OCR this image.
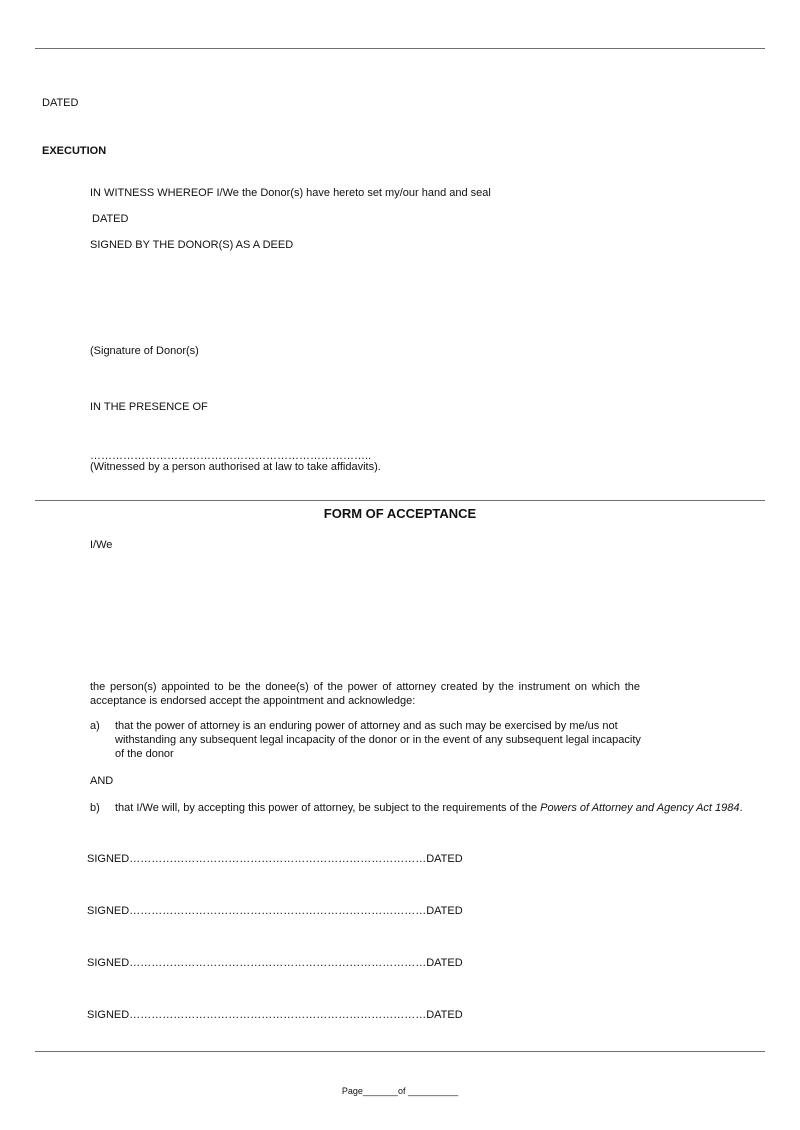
DATED
EXECUTION
IN WITNESS WHEREOF I/We the Donor(s) have hereto set my/our hand and seal
DATED
SIGNED BY THE DONOR(S) AS A DEED
(Signature of Donor(s)
IN THE PRESENCE OF
…………………………………………………………………..
(Witnessed by a person authorised at law to take affidavits).
FORM OF ACCEPTANCE
I/We
the person(s) appointed to be the donee(s) of the power of attorney created by the instrument on which the acceptance is endorsed accept the appointment and acknowledge:
a) that the power of attorney is an enduring power of attorney and as such may be exercised by me/us not withstanding any subsequent legal incapacity of the donor or in the event of any subsequent legal incapacity of the donor
AND
b) that I/We will, by accepting this power of attorney, be subject to the requirements of the Powers of Attorney and Agency Act 1984.
SIGNED………………………………………………………………………DATED
SIGNED………………………………………………………………………DATED
SIGNED………………………………………………………………………DATED
SIGNED………………………………………………………………………DATED
Page_______of __________
